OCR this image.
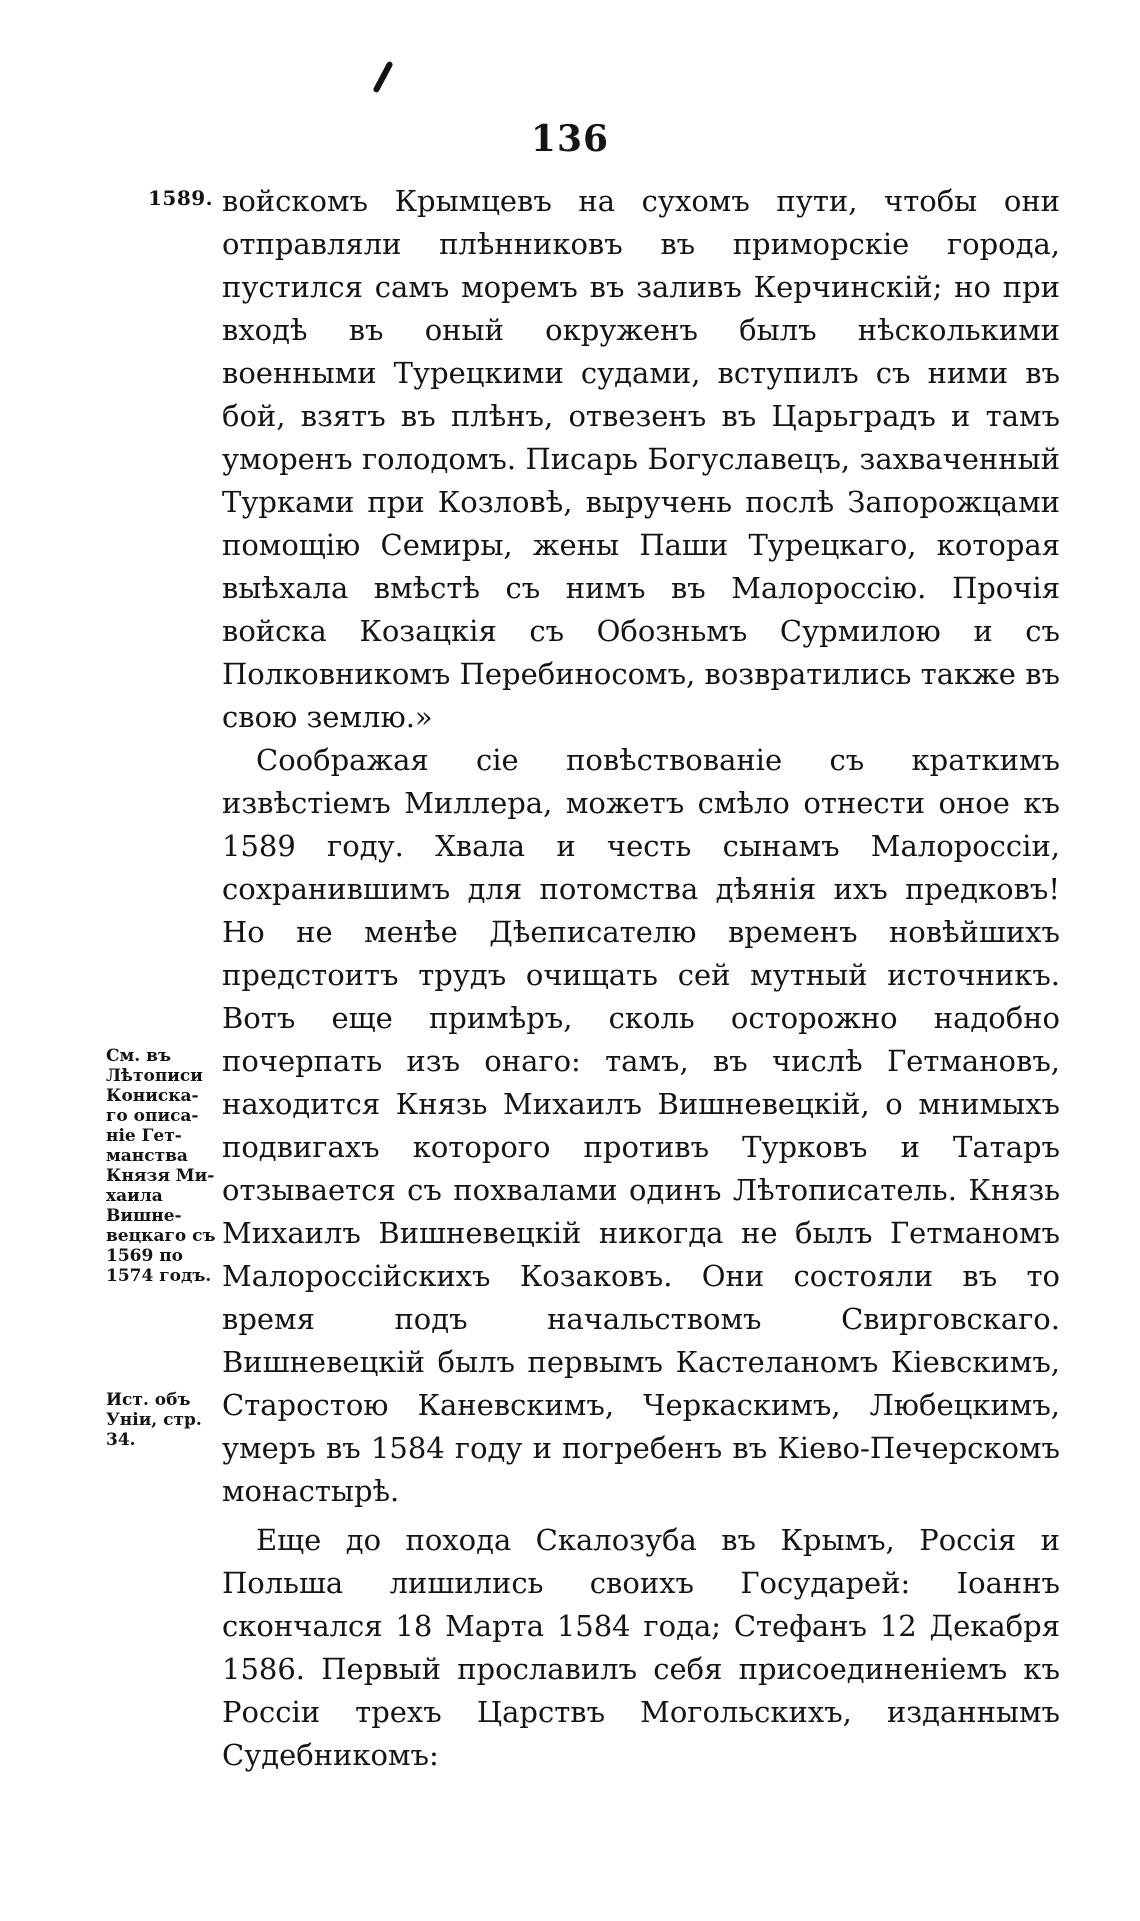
136
1589. войскомъ Крымцевъ на сухомъ пути, чтобы они отправляли плѣнниковъ въ приморскіе города, пустился самъ моремъ въ заливъ Керчинскій; но при входѣ въ оный окруженъ былъ нѣсколькими военными Турецкими судами, вступилъ съ ними въ бой, взятъ въ плѣнъ, отвезенъ въ Царьградъ и тамъ уморенъ голодомъ. Писарь Богуславецъ, захваченный Турками при Козловѣ, выручень послѣ Запорожцами помощію Семиры, жены Паши Турецкаго, которая выѣхала вмѣстѣ съ нимъ въ Малороссію. Прочія войска Козацкія съ Обозньмъ Сурмилою и съ Полковникомъ Перебиносомъ, возвратились также въ свою землю.»

Соображая сіе повѣствованіе съ краткимъ извѣстіемъ Миллера, можетъ смѣло отнести оное къ 1589 году. Хвала и честь сынамъ Малороссіи, сохранившимъ для потомства дѣянія ихъ предковъ! Но не менѣе Дѣеписателю временъ новѣйшихъ предстоитъ трудъ очищать сей мутный источникъ. Вотъ еще примѣръ, сколь осторожно надобно почерпать изъ онаго: тамъ, въ числѣ Гетмановъ, находится Князь Михаилъ Вишневецкій, о мнимыхъ подвигахъ которого противъ Турковъ и Татаръ отзывается съ похвалами одинъ Лѣтописатель. Князь Михаилъ Вишневецкій никогда не былъ Гетманомъ Малороссійскихъ Козаковъ. Они состояли въ то время подъ начальствомъ Свирговскаго. Вишневецкій былъ первымъ Кастеланомъ Кіевскимъ, Старостою Каневскимъ, Черкаскимъ, Любецкимъ, умеръ въ 1584 году и погребенъ въ Кіево-Печерскомъ монастырѣ.

Еще до похода Скалозуба въ Крымъ, Россія и Польша лишились своихъ Государей: Іоаннъ скончался 18 Марта 1584 года; Стефанъ 12 Декабря 1586. Первый прославилъ себя присоединеніемъ къ Россіи трехъ Царствъ Могольскихъ, изданнымъ Судебникомъ:

См. въ
Лѣтописи
Кониска-
го описа-
ніе Гет-
манства
Князя Ми-
хаила
Вишне-
вецкаго съ
1569 по
1574 годъ.
Ист. объ
Уніи, стр.
34.
